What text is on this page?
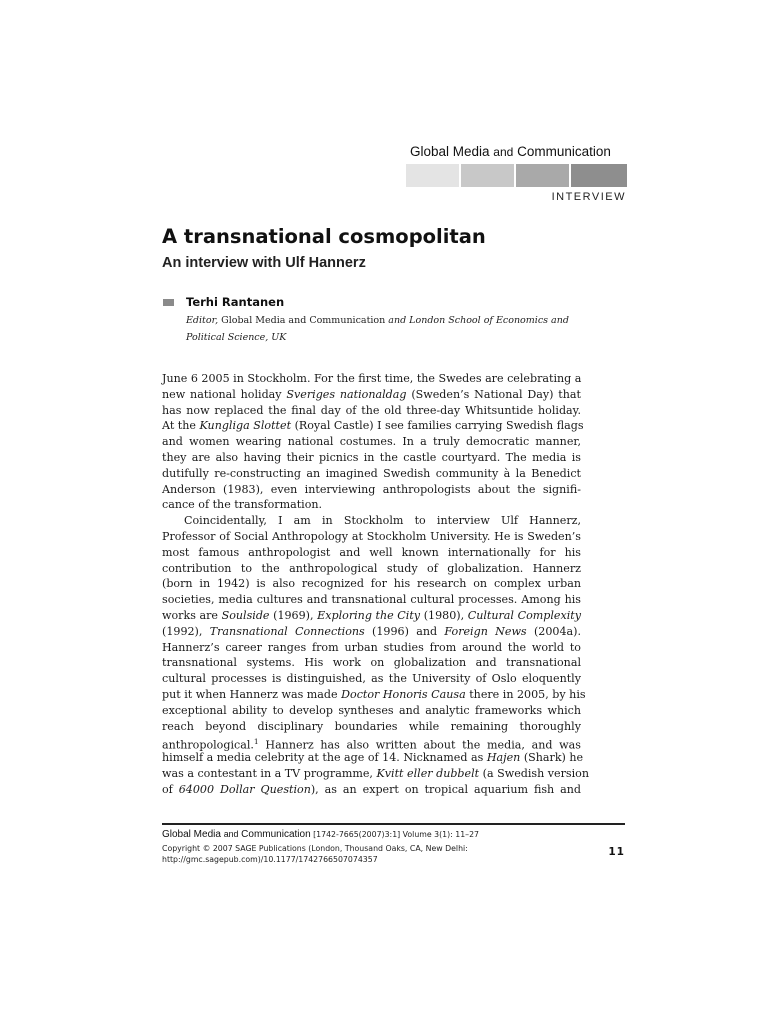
Global Media and Communication
INTERVIEW
A transnational cosmopolitan
An interview with Ulf Hannerz
Terhi Rantanen
Editor, Global Media and Communication and London School of Economics and
Political Science, UK
June 6 2005 in Stockholm. For the first time, the Swedes are celebrating a
new national holiday Sveriges nationaldag (Sweden’s National Day) that
has now replaced the final day of the old three-day Whitsuntide holiday.
At the Kungliga Slottet (Royal Castle) I see families carrying Swedish flags
and women wearing national costumes. In a truly democratic manner,
they are also having their picnics in the castle courtyard. The media is
dutifully re-constructing an imagined Swedish community à la Benedict
Anderson (1983), even interviewing anthropologists about the signifi-
cance of the transformation.
Coincidentally, I am in Stockholm to interview Ulf Hannerz,
Professor of Social Anthropology at Stockholm University. He is Sweden’s
most famous anthropologist and well known internationally for his
contribution to the anthropological study of globalization. Hannerz
(born in 1942) is also recognized for his research on complex urban
societies, media cultures and transnational cultural processes. Among his
works are Soulside (1969), Exploring the City (1980), Cultural Complexity
(1992), Transnational Connections (1996) and Foreign News (2004a).
Hannerz’s career ranges from urban studies from around the world to
transnational systems. His work on globalization and transnational
cultural processes is distinguished, as the University of Oslo eloquently
put it when Hannerz was made Doctor Honoris Causa there in 2005, by his
exceptional ability to develop syntheses and analytic frameworks which
reach beyond disciplinary boundaries while remaining thoroughly
anthropological.$^1$ Hannerz has also written about the media, and was
himself a media celebrity at the age of 14. Nicknamed as Hajen (Shark) he
was a contestant in a TV programme, Kvitt eller dubbelt (a Swedish version
of 64000 Dollar Question), as an expert on tropical aquarium fish and
Global Media and Communication [1742-7665(2007)3:1] Volume 3(1): 11–27
Copyright © 2007 SAGE Publications (London, Thousand Oaks, CA, New Delhi:
http://gmc.sagepub.com)/10.1177/1742766507074357
11
